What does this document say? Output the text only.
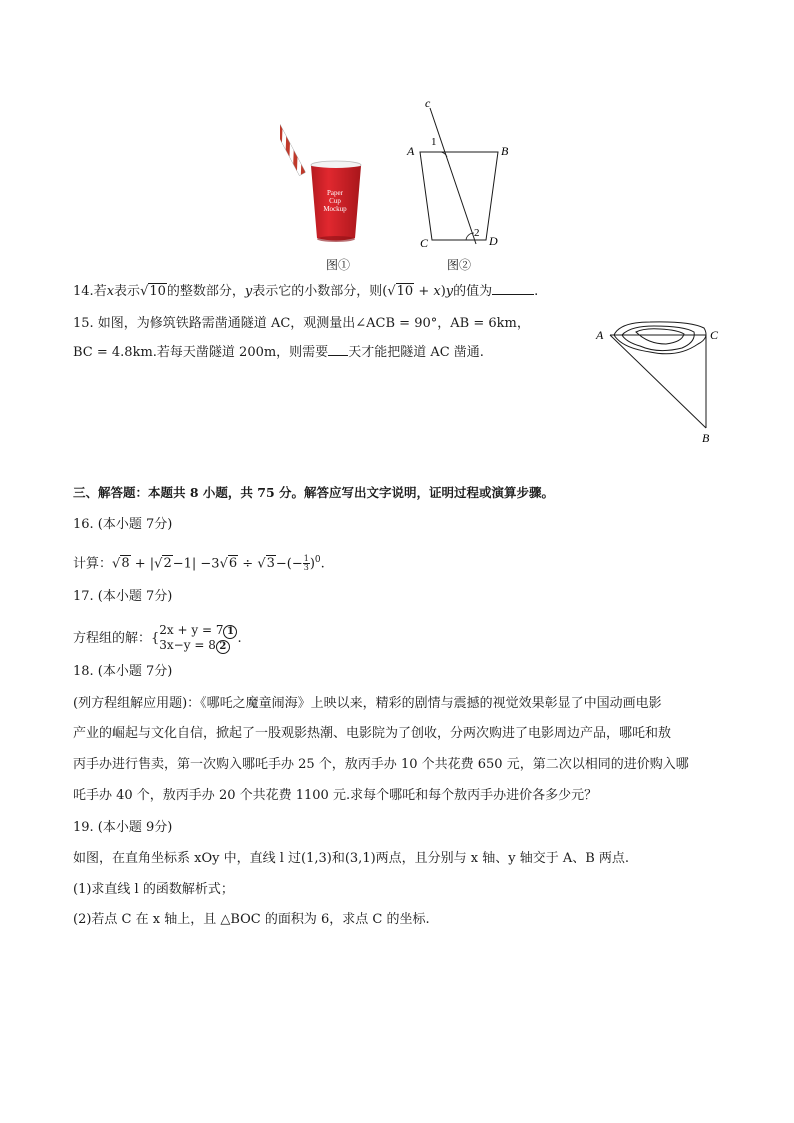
Paper
Cup
Mockup
图①
c
A	B
C	D
1
2
图②
14.若x表示√10的整数部分，y表示它的小数部分，则(√10 + x)y的值为	.
15. 如图，为修筑铁路需凿通隧道 AC，观测量出∠ACB = 90°，AB = 6km，
BC = 4.8km.若每天凿隧道 200m，则需要 天才能把隧道 AC 凿通.
A	C
B
三、解答题：本题共 8 小题，共 75 分。解答应写出文字说明，证明过程或演算步骤。
16. (本小题 7分)
计算：$√8 + |√2-1| -3√6 \div √3-(- \frac{1}{3} )^0$.
17. (本小题 7分)
方程组的解：{2x + y = 7 1
3x−y = 8 2.
18. (本小题 7分)
(列方程组解应用题)：《哪吒之魔童闹海》上映以来，精彩的剧情与震撼的视觉效果彰显了中国动画电影
产业的崛起与文化自信，掀起了一股观影热潮、电影院为了创收，分两次购进了电影周边产品，哪吒和敖
丙手办进行售卖，第一次购入哪吒手办 25 个，敖丙手办 10 个共花费 650 元，第二次以相同的进价购入哪
吒手办 40 个，敖丙手办 20 个共花费 1100 元.求每个哪吒和每个敖丙手办进价各多少元？
19. (本小题 9分)
如图，在直角坐标系 xOy 中，直线 l 过(1,3)和(3,1)两点，且分别与 x 轴、y 轴交于 A、B 两点.
(1)求直线 l 的函数解析式；
(2)若点 C 在 x 轴上，且 △BOC 的面积为 6，求点 C 的坐标.
